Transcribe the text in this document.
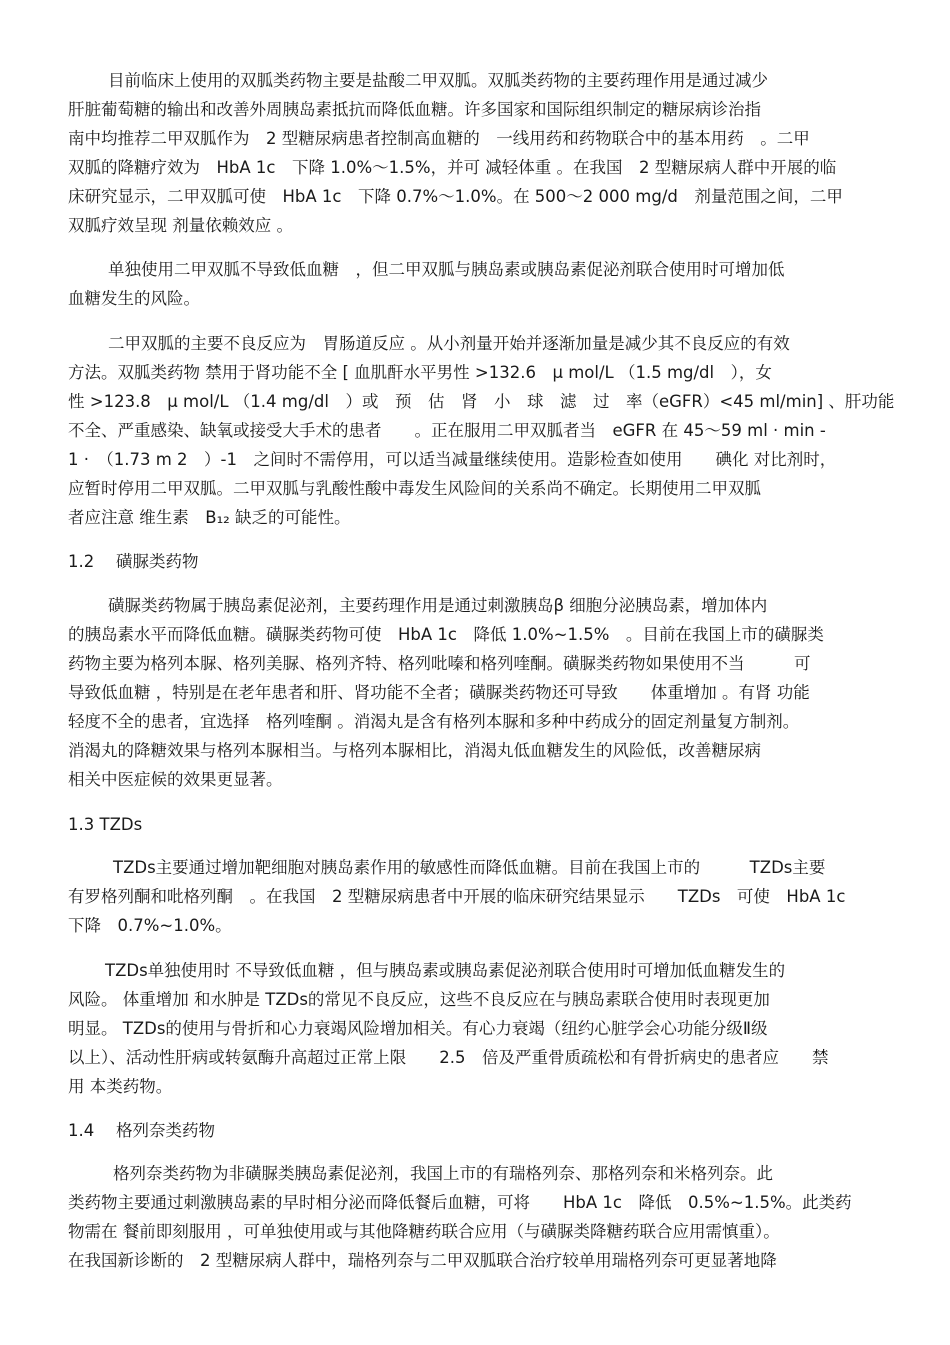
目前临床上使用的双胍类药物主要是盐酸二甲双胍。双胍类药物的主要药理作用是通过减少
肝脏葡萄糖的输出和改善外周胰岛素抵抗而降低血糖。许多国家和国际组织制定的糖尿病诊治指
南中均推荐二甲双胍作为　2 型糖尿病患者控制高血糖的　一线用药和药物联合中的基本用药　。二甲
双胍的降糖疗效为　HbA 1c　下降 1.0%～1.5%，并可 减轻体重 。在我国　2 型糖尿病人群中开展的临
床研究显示，二甲双胍可使　HbA 1c　下降 0.7%～1.0%。在 500～2 000 mg/d　剂量范围之间，二甲
双胍疗效呈现 剂量依赖效应 。
单独使用二甲双胍不导致低血糖　，但二甲双胍与胰岛素或胰岛素促泌剂联合使用时可增加低
血糖发生的风险。
二甲双胍的主要不良反应为　胃肠道反应 。从小剂量开始并逐渐加量是减少其不良反应的有效
方法。双胍类药物 禁用于肾功能不全 [ 血肌酐水平男性 >132.6　μ mol/L （1.5 mg/dl　），女
性 >123.8　μ mol/L （1.4 mg/dl　）或　预　估　肾　小　球　滤　过　率（eGFR）<45 ml/min] 、肝功能
不全、严重感染、缺氧或接受大手术的患者　　。正在服用二甲双胍者当　eGFR 在 45～59 ml · min -
1 ·　（1.73 m 2　）-1　之间时不需停用，可以适当减量继续使用。造影检查如使用　　碘化 对比剂时，
应暂时停用二甲双胍。二甲双胍与乳酸性酸中毒发生风险间的关系尚不确定。长期使用二甲双胍
者应注意 维生素　B₁₂ 缺乏的可能性。
1.2　 磺脲类药物
磺脲类药物属于胰岛素促泌剂，主要药理作用是通过刺激胰岛β 细胞分泌胰岛素，增加体内
的胰岛素水平而降低血糖。磺脲类药物可使　HbA 1c　降低 1.0%~1.5%　。目前在我国上市的磺脲类
药物主要为格列本脲、格列美脲、格列齐特、格列吡嗪和格列喹酮。磺脲类药物如果使用不当　　　可
导致低血糖 ，特别是在老年患者和肝、肾功能不全者；磺脲类药物还可导致　　体重增加 。有肾 功能
轻度不全的患者，宜选择　格列喹酮 。消渴丸是含有格列本脲和多种中药成分的固定剂量复方制剂。
消渴丸的降糖效果与格列本脲相当。与格列本脲相比，消渴丸低血糖发生的风险低，改善糖尿病
相关中医症候的效果更显著。
1.3 TZDs
TZDs主要通过增加靶细胞对胰岛素作用的敏感性而降低血糖。目前在我国上市的　　　TZDs主要
有罗格列酮和吡格列酮　。在我国　2 型糖尿病患者中开展的临床研究结果显示　　TZDs　可使　HbA 1c
下降　0.7%~1.0%。
TZDs单独使用时 不导致低血糖 ，但与胰岛素或胰岛素促泌剂联合使用时可增加低血糖发生的
风险。 体重增加 和水肿是 TZDs的常见不良反应，这些不良反应在与胰岛素联合使用时表现更加
明显。 TZDs的使用与骨折和心力衰竭风险增加相关。有心力衰竭（纽约心脏学会心功能分级Ⅱ级
以上）、活动性肝病或转氨酶升高超过正常上限　　2.5　倍及严重骨质疏松和有骨折病史的患者应　　禁
用 本类药物。
1.4　 格列奈类药物
格列奈类药物为非磺脲类胰岛素促泌剂，我国上市的有瑞格列奈、那格列奈和米格列奈。此
类药物主要通过刺激胰岛素的早时相分泌而降低餐后血糖，可将　　HbA 1c　降低　0.5%~1.5%。此类药
物需在 餐前即刻服用 ，可单独使用或与其他降糖药联合应用（与磺脲类降糖药联合应用需慎重）。
在我国新诊断的　2 型糖尿病人群中，瑞格列奈与二甲双胍联合治疗较单用瑞格列奈可更显著地降
